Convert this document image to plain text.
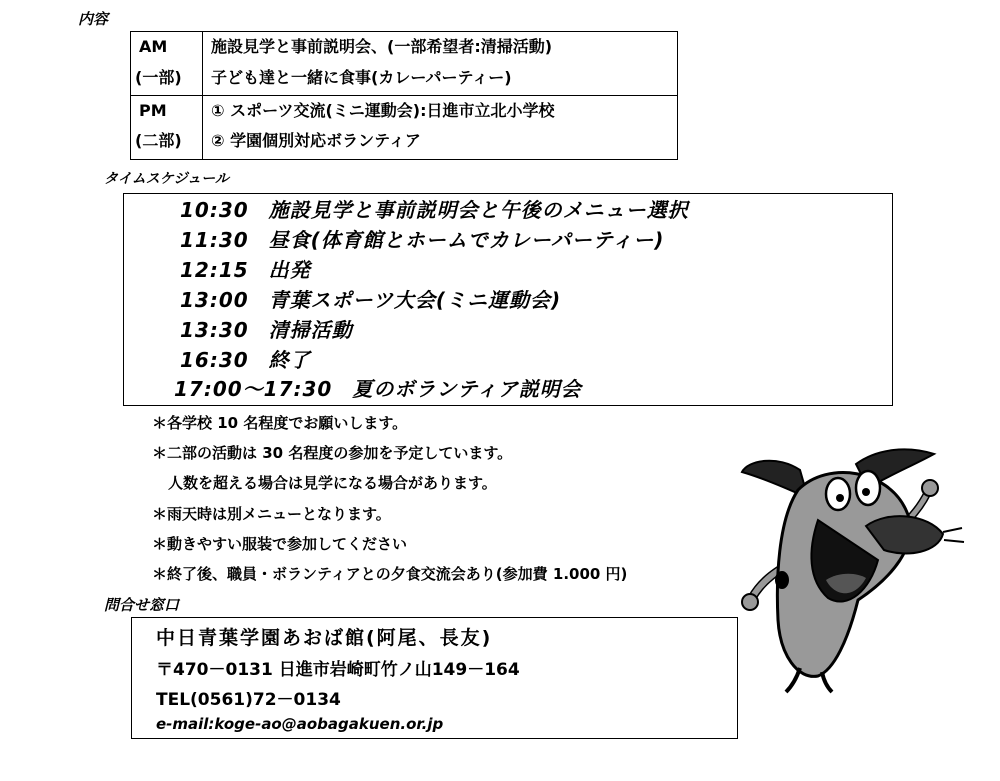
内容
AM
(一部)
施設見学と事前説明会、(一部希望者:清掃活動)
子ども達と一緒に食事(カレーパーティー)
PM
(二部)
① スポーツ交流(ミニ運動会):日進市立北小学校
② 学園個別対応ボランティア
タイムスケジュール
10:30 施設見学と事前説明会と午後のメニュー選択
11:30 昼食(体育館とホームでカレーパーティー)
12:15 出発
13:00 青葉スポーツ大会(ミニ運動会)
13:30 清掃活動
16:30 終了
17:00〜17:30 夏のボランティア説明会
＊各学校 10 名程度でお願いします。
＊二部の活動は 30 名程度の参加を予定しています。
人数を超える場合は見学になる場合があります。
＊雨天時は別メニューとなります。
＊動きやすい服装で参加してください
＊終了後、職員・ボランティアとの夕食交流会あり(参加費 1.000 円)
問合せ窓口
中日青葉学園あおば館(阿尾、長友)
〒470－0131 日進市岩崎町竹ノ山149－164
TEL(0561)72－0134
e-mail:koge-ao@aobagakuen.or.jp
